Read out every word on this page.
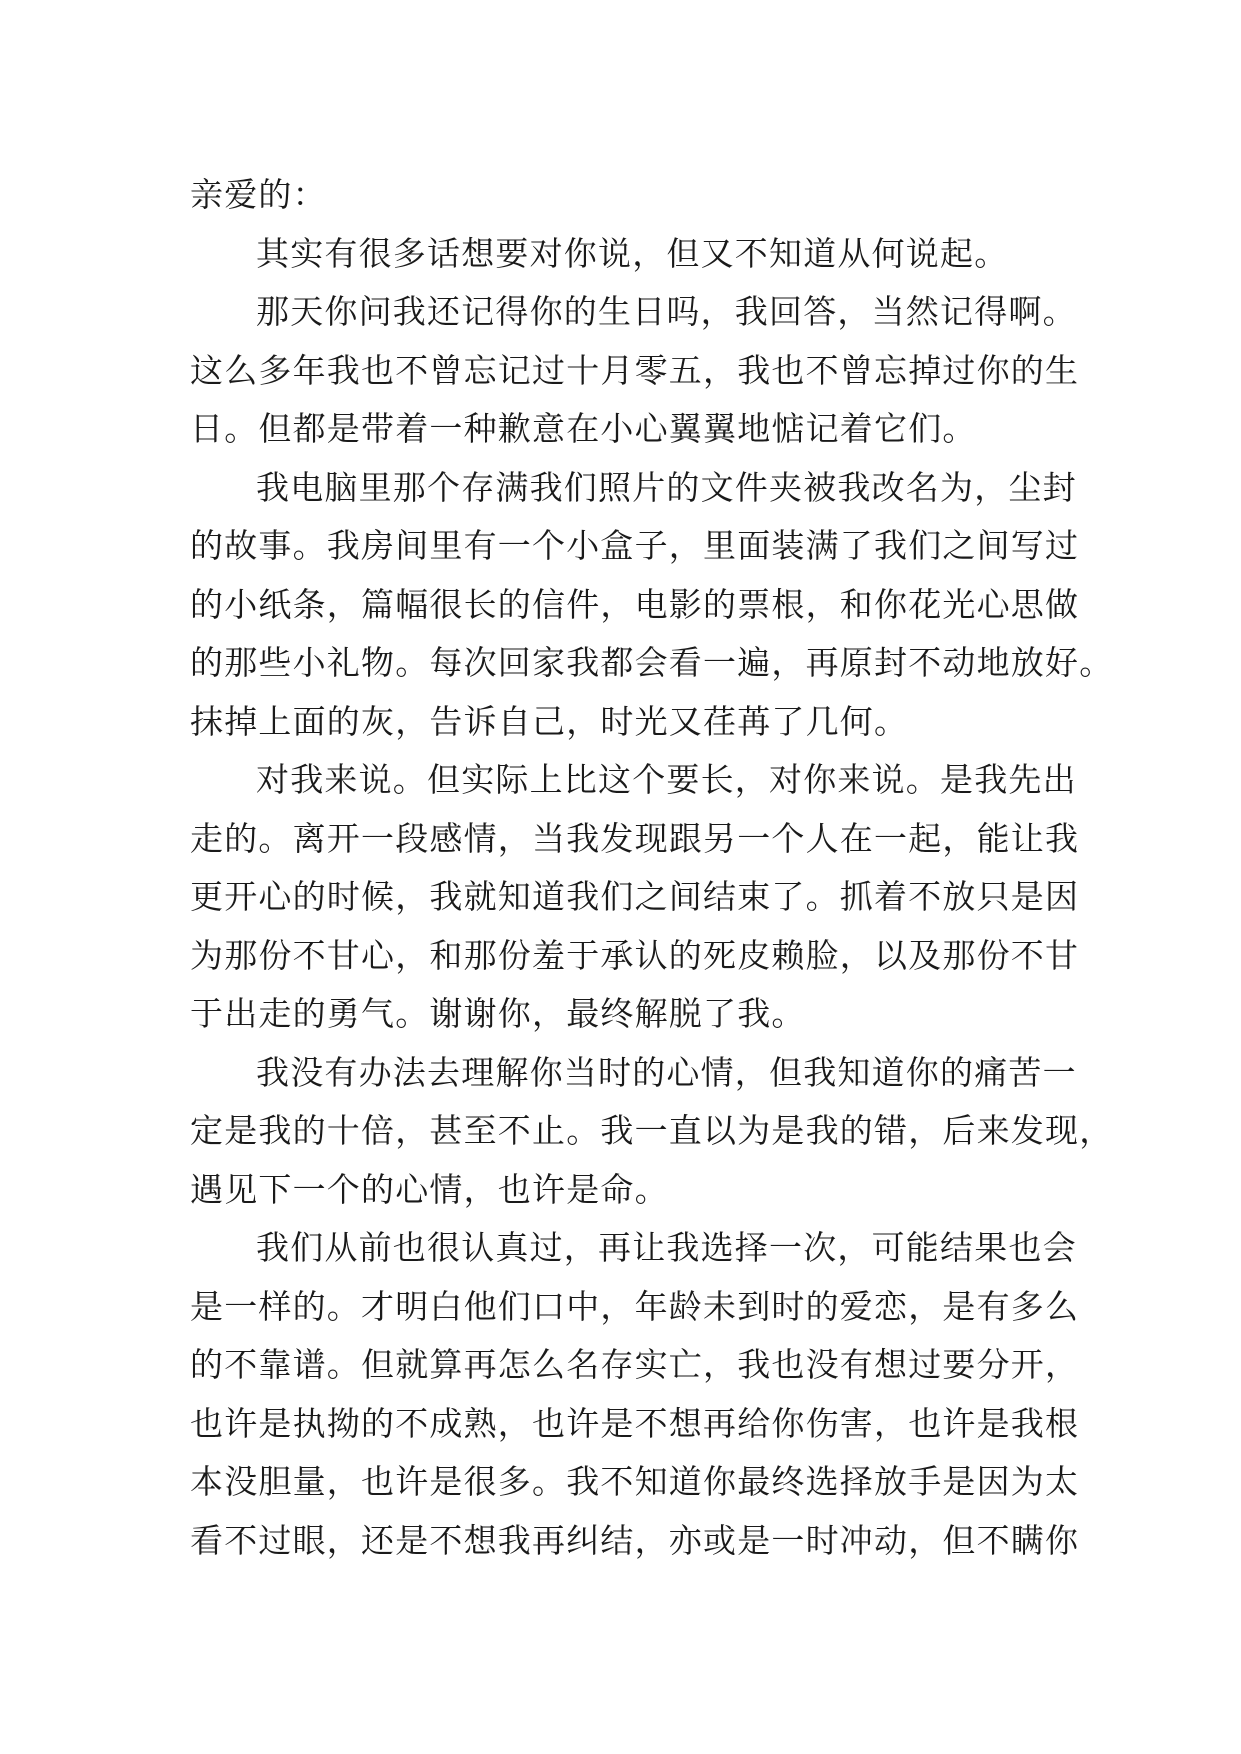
亲爱的：
其实有很多话想要对你说，但又不知道从何说起。
那天你问我还记得你的生日吗，我回答，当然记得啊。
这么多年我也不曾忘记过十月零五，我也不曾忘掉过你的生
日。但都是带着一种歉意在小心翼翼地惦记着它们。
我电脑里那个存满我们照片的文件夹被我改名为，尘封
的故事。我房间里有一个小盒子，里面装满了我们之间写过
的小纸条，篇幅很长的信件，电影的票根，和你花光心思做
的那些小礼物。每次回家我都会看一遍，再原封不动地放好。
抹掉上面的灰，告诉自己，时光又荏苒了几何。
对我来说。但实际上比这个要长，对你来说。是我先出
走的。离开一段感情，当我发现跟另一个人在一起，能让我
更开心的时候，我就知道我们之间结束了。抓着不放只是因
为那份不甘心，和那份羞于承认的死皮赖脸，以及那份不甘
于出走的勇气。谢谢你，最终解脱了我。
我没有办法去理解你当时的心情，但我知道你的痛苦一
定是我的十倍，甚至不止。我一直以为是我的错，后来发现，
遇见下一个的心情，也许是命。
我们从前也很认真过，再让我选择一次，可能结果也会
是一样的。才明白他们口中，年龄未到时的爱恋，是有多么
的不靠谱。但就算再怎么名存实亡，我也没有想过要分开，
也许是执拗的不成熟，也许是不想再给你伤害，也许是我根
本没胆量，也许是很多。我不知道你最终选择放手是因为太
看不过眼，还是不想我再纠结，亦或是一时冲动，但不瞒你
